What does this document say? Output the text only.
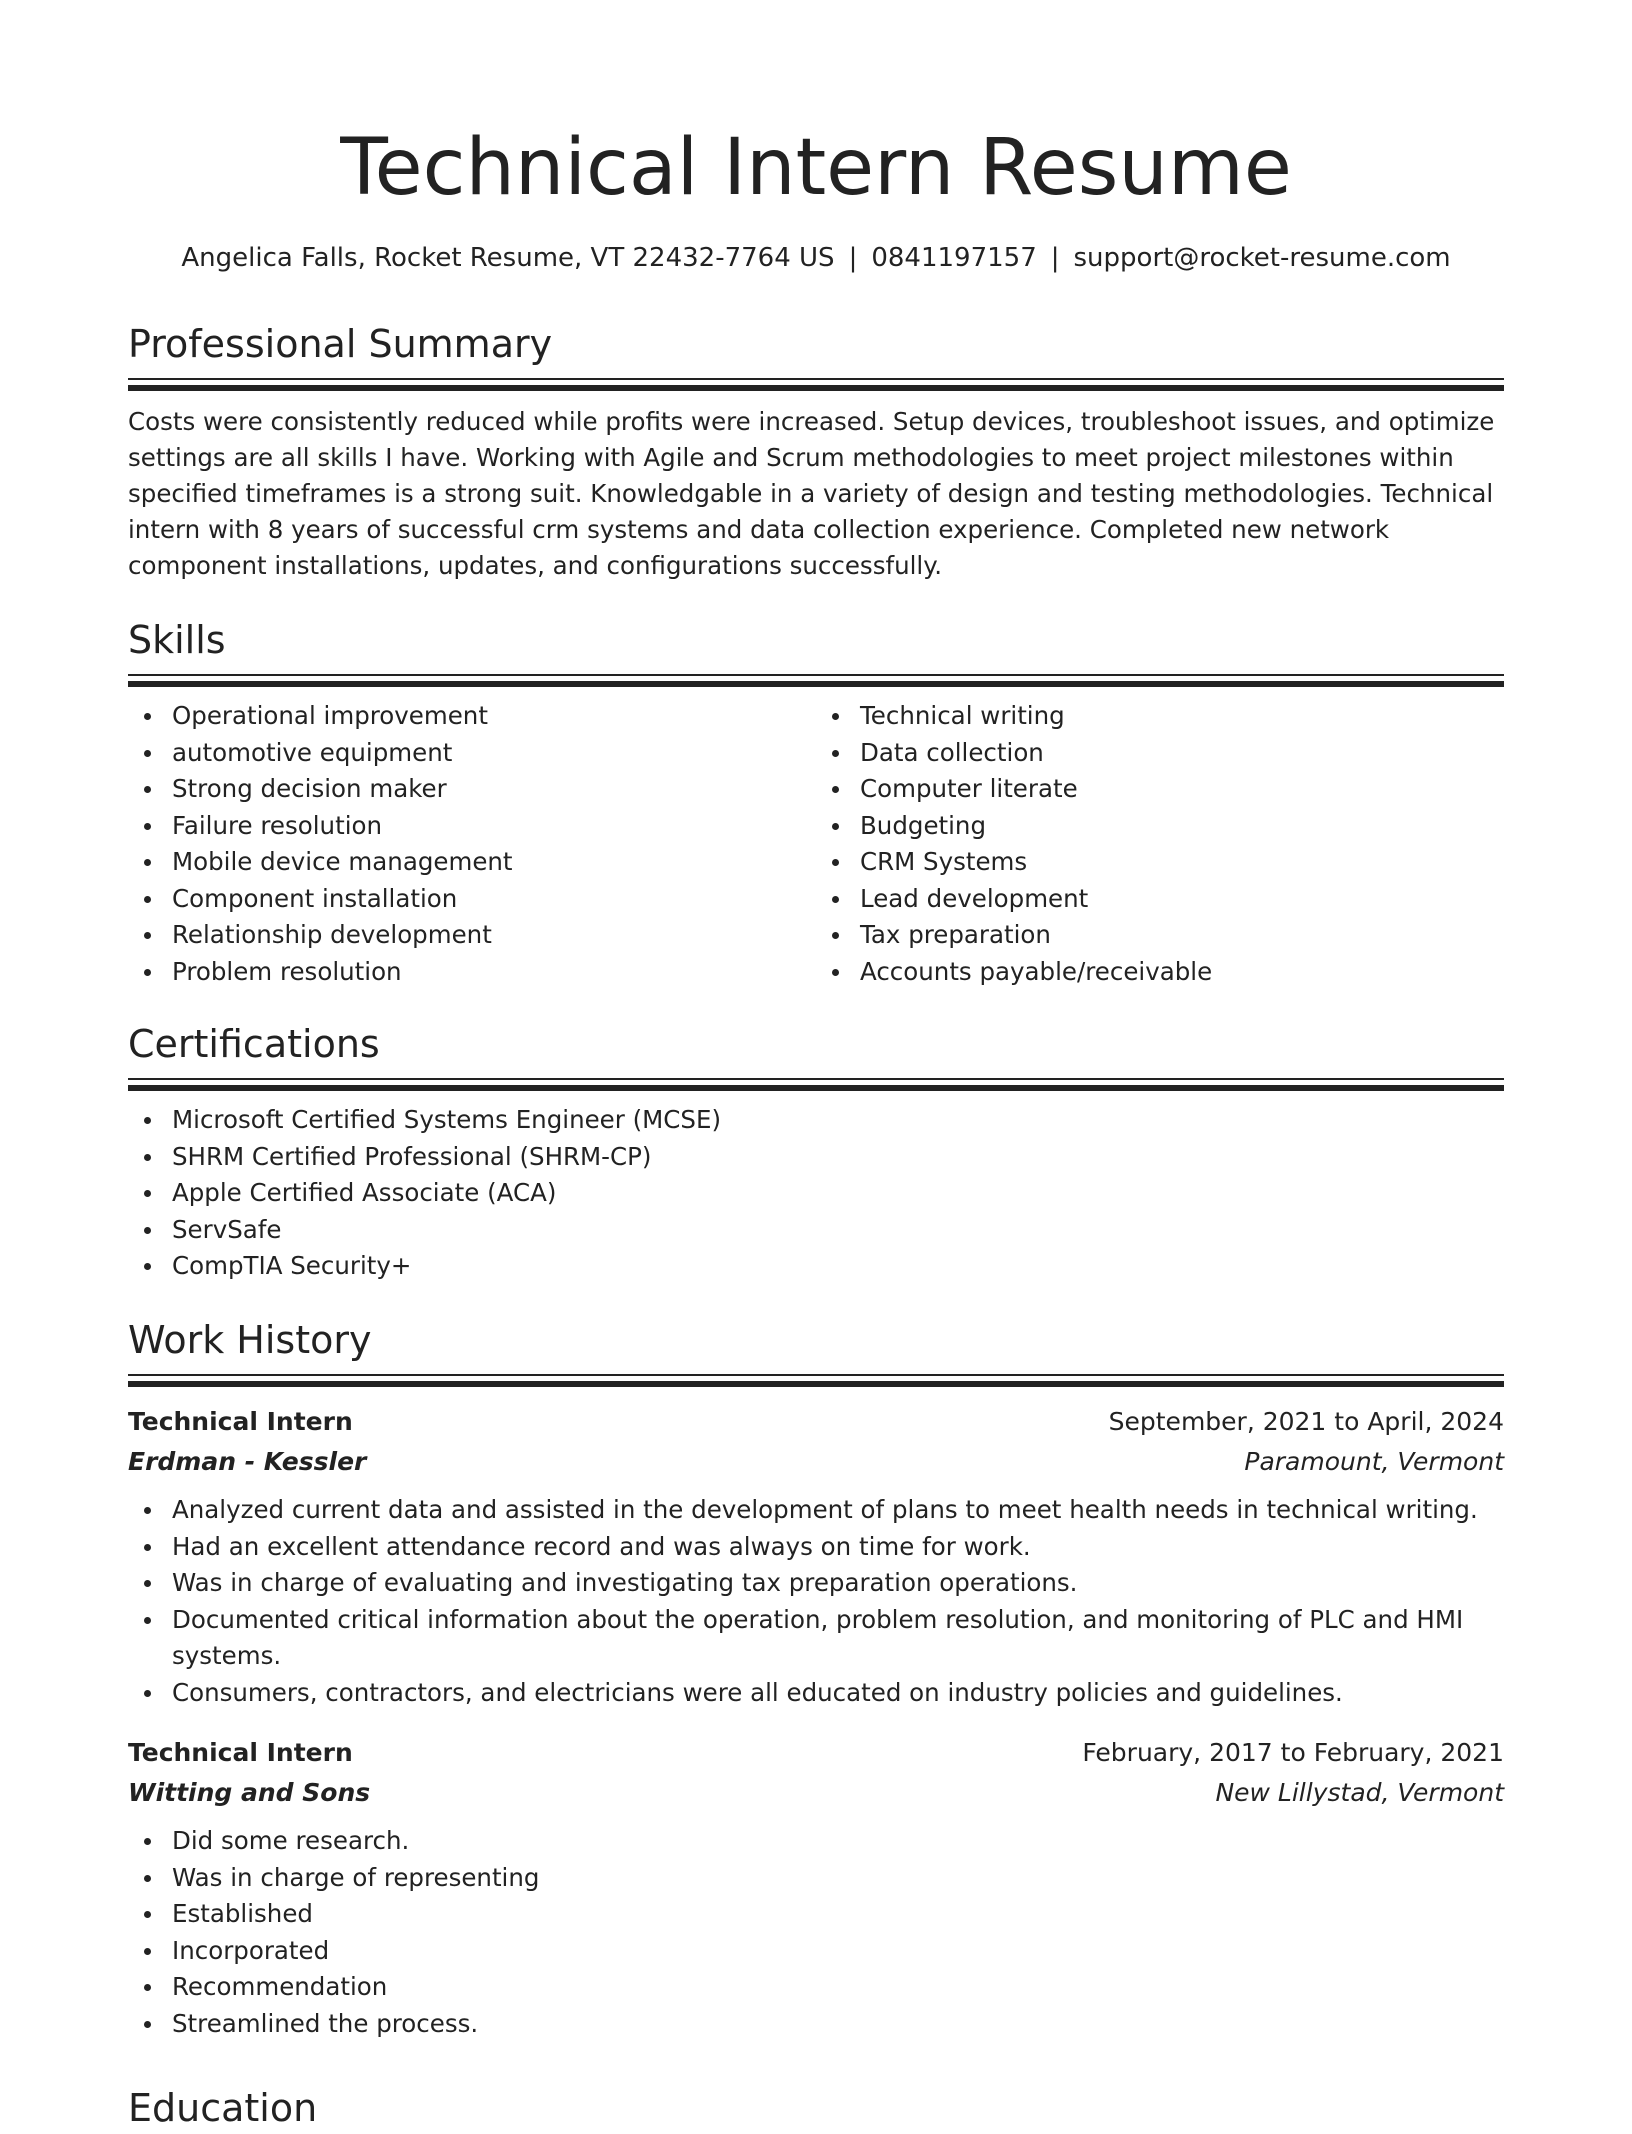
Technical Intern Resume
Angelica Falls, Rocket Resume, VT 22432-7764 US | 0841197157 | support@rocket-resume.com
Professional Summary

Costs were consistently reduced while profits were increased. Setup devices, troubleshoot issues, and optimize settings are all skills I have. Working with Agile and Scrum methodologies to meet project milestones within specified timeframes is a strong suit. Knowledgable in a variety of design and testing methodologies. Technical intern with 8 years of successful crm systems and data collection experience. Completed new network component installations, updates, and configurations successfully.

Skills
Operational improvement
automotive equipment
Strong decision maker
Failure resolution
Mobile device management
Component installation
Relationship development
Problem resolution
Technical writing
Data collection
Computer literate
Budgeting
CRM Systems
Lead development
Tax preparation
Accounts payable/receivable
Certifications
Microsoft Certified Systems Engineer (MCSE)
SHRM Certified Professional (SHRM-CP)
Apple Certified Associate (ACA)
ServSafe
CompTIA Security+
Work History
Technical Intern	September, 2021 to April, 2024
Erdman - Kessler	Paramount, Vermont
Analyzed current data and assisted in the development of plans to meet health needs in technical writing.
Had an excellent attendance record and was always on time for work.
Was in charge of evaluating and investigating tax preparation operations.
Documented critical information about the operation, problem resolution, and monitoring of PLC and HMI systems.
Consumers, contractors, and electricians were all educated on industry policies and guidelines.
Technical Intern	February, 2017 to February, 2021
Witting and Sons	New Lillystad, Vermont
Did some research.
Was in charge of representing
Established
Incorporated
Recommendation
Streamlined the process.
Education
